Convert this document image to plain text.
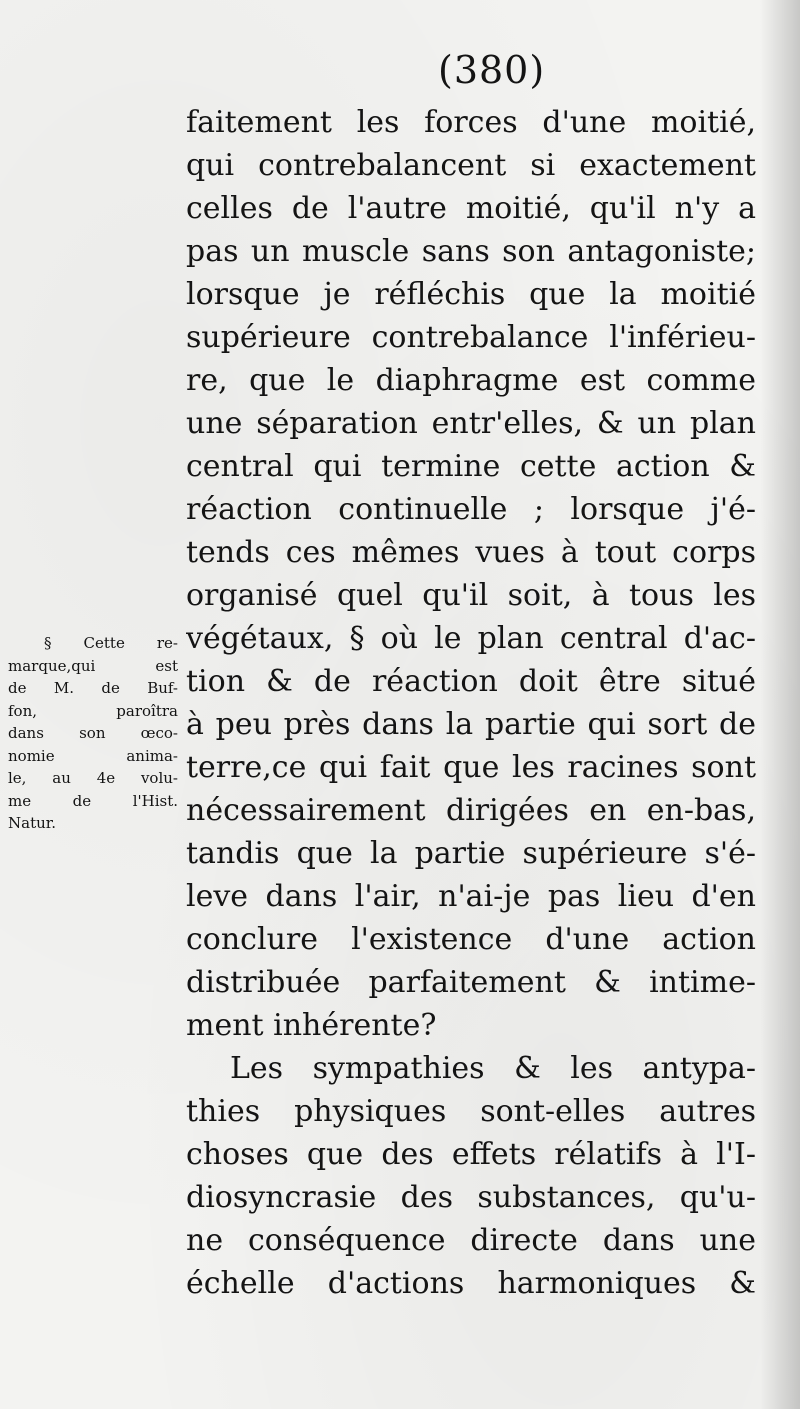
(380)
§ Cette re-
marque,qui est
de M. de Buf-
fon, paroîtra
dans son œco-
nomie anima-
le, au 4e volu-
me de l'Hist.
Natur.
faitement les forces d'une moitié,
qui contrebalancent si exactement
celles de l'autre moitié, qu'il n'y a
pas un muscle sans son antagoniste;
lorsque je réfléchis que la moitié
supérieure contrebalance l'inférieu-
re, que le diaphragme est comme
une séparation entr'elles, & un plan
central qui termine cette action &
réaction continuelle ; lorsque j'é-
tends ces mêmes vues à tout corps
organisé quel qu'il soit, à tous les
végétaux, § où le plan central d'ac-
tion & de réaction doit être situé
à peu près dans la partie qui sort de
terre,ce qui fait que les racines sont
nécessairement dirigées en en-bas,
tandis que la partie supérieure s'é-
leve dans l'air, n'ai-je pas lieu d'en
conclure l'existence d'une action
distribuée parfaitement & intime-
ment inhérente?
Les sympathies & les antypa-
thies physiques sont-elles autres
choses que des effets rélatifs à l'I-
diosyncrasie des substances, qu'u-
ne conséquence directe dans une
échelle d'actions harmoniques &
